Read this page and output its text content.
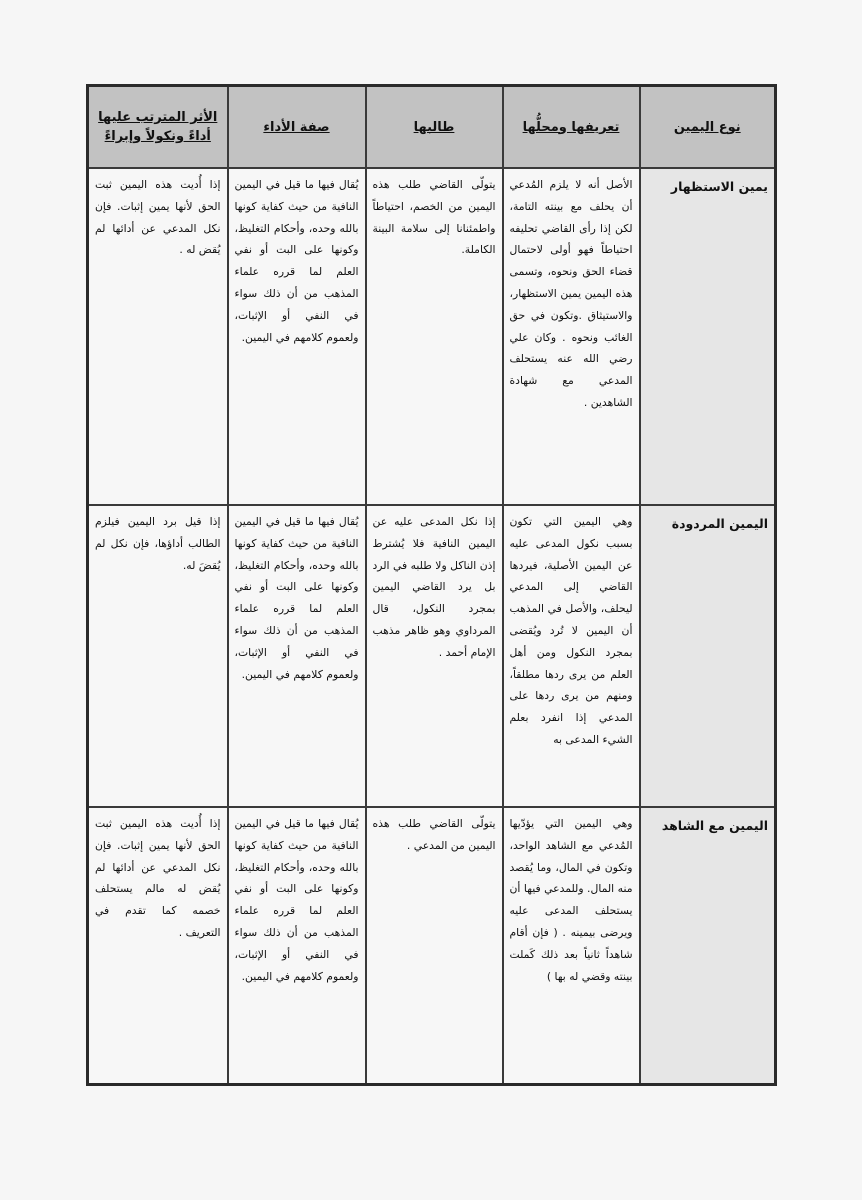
نوع اليمين	تعريفها ومحلُّها	طالبها	صفة الأداء	الأثر المترتب عليها أداءً ونكولاً وإبراءً
يمين الاستظهار	الأصل أنه لا يلزم المُدعي أن يحلف مع بينته التامة، لكن إذا رأى القاضي تحليفه احتياطاً فهو أولى لاحتمال قضاء الحق ونحوه، وتسمى هذه اليمين يمين الاستظهار، والاستيثاق .وتكون في حق الغائب ونحوه . وكان علي رضي الله عنه يستحلف المدعي مع شهادة الشاهدين .	يتولّى القاضي طلب هذه اليمين من الخصم، احتياطاً واطمئنانا إلى سلامة البينة الكاملة.	يُقال فيها ما قيل في اليمين النافية من حيث كفاية كونها بالله وحده، وأحكام التغليظ، وكونها على البت أو نفي العلم لما قرره علماء المذهب من أن ذلك سواء في النفي أو الإثبات، ولعموم كلامهم في اليمين.	إذا أُديت هذه اليمين ثبت الحق لأنها يمين إثبات. فإن نكل المدعي عن أدائها لم يُقض له .
اليمين المردودة	وهي اليمين التي تكون بسبب نكول المدعى عليه عن اليمين الأصلية، فيردها القاضي إلى المدعي ليحلف، والأصل في المذهب أن اليمين لا تُرد ويُقضى بمجرد النكول ومن أهل العلم من يرى ردها مطلقاً، ومنهم من يرى ردها على المدعي إذا انفرد بعلم الشيء المدعى به	إذا نكل المدعى عليه عن اليمين النافية فلا يُشترط إذن الناكل ولا طلبه في الرد بل يرد القاضي اليمين بمجرد النكول، قال المرداوي وهو ظاهر مذهب الإمام أحمد .	يُقال فيها ما قيل في اليمين النافية من حيث كفاية كونها بالله وحده، وأحكام التغليظ، وكونها على البت أو نفي العلم لما قرره علماء المذهب من أن ذلك سواء في النفي أو الإثبات، ولعموم كلامهم في اليمين.	إذا قيل برد اليمين فيلزم الطالب أداؤها، فإن نكل لم يُقضَ له.
اليمين مع الشاهد	وهي اليمين التي يؤدّيها المُدعي مع الشاهد الواحد، وتكون في المال، وما يُقصد منه المال. وللمدعي فيها أن يستحلف المدعى عليه ويرضى بيمينه . ( فإن أقام شاهداً ثانياً بعد ذلك كَملت بينته وقضي له بها )	يتولّى القاضي طلب هذه اليمين من المدعي .	يُقال فيها ما قيل في اليمين النافية من حيث كفاية كونها بالله وحده، وأحكام التغليظ، وكونها على البت أو نفي العلم لما قرره علماء المذهب من أن ذلك سواء في النفي أو الإثبات، ولعموم كلامهم في اليمين.	إذا أُديت هذه اليمين ثبت الحق لأنها يمين إثبات. فإن نكل المدعي عن أدائها لم يُقض له مالم يستحلف خصمه كما تقدم في التعريف .
